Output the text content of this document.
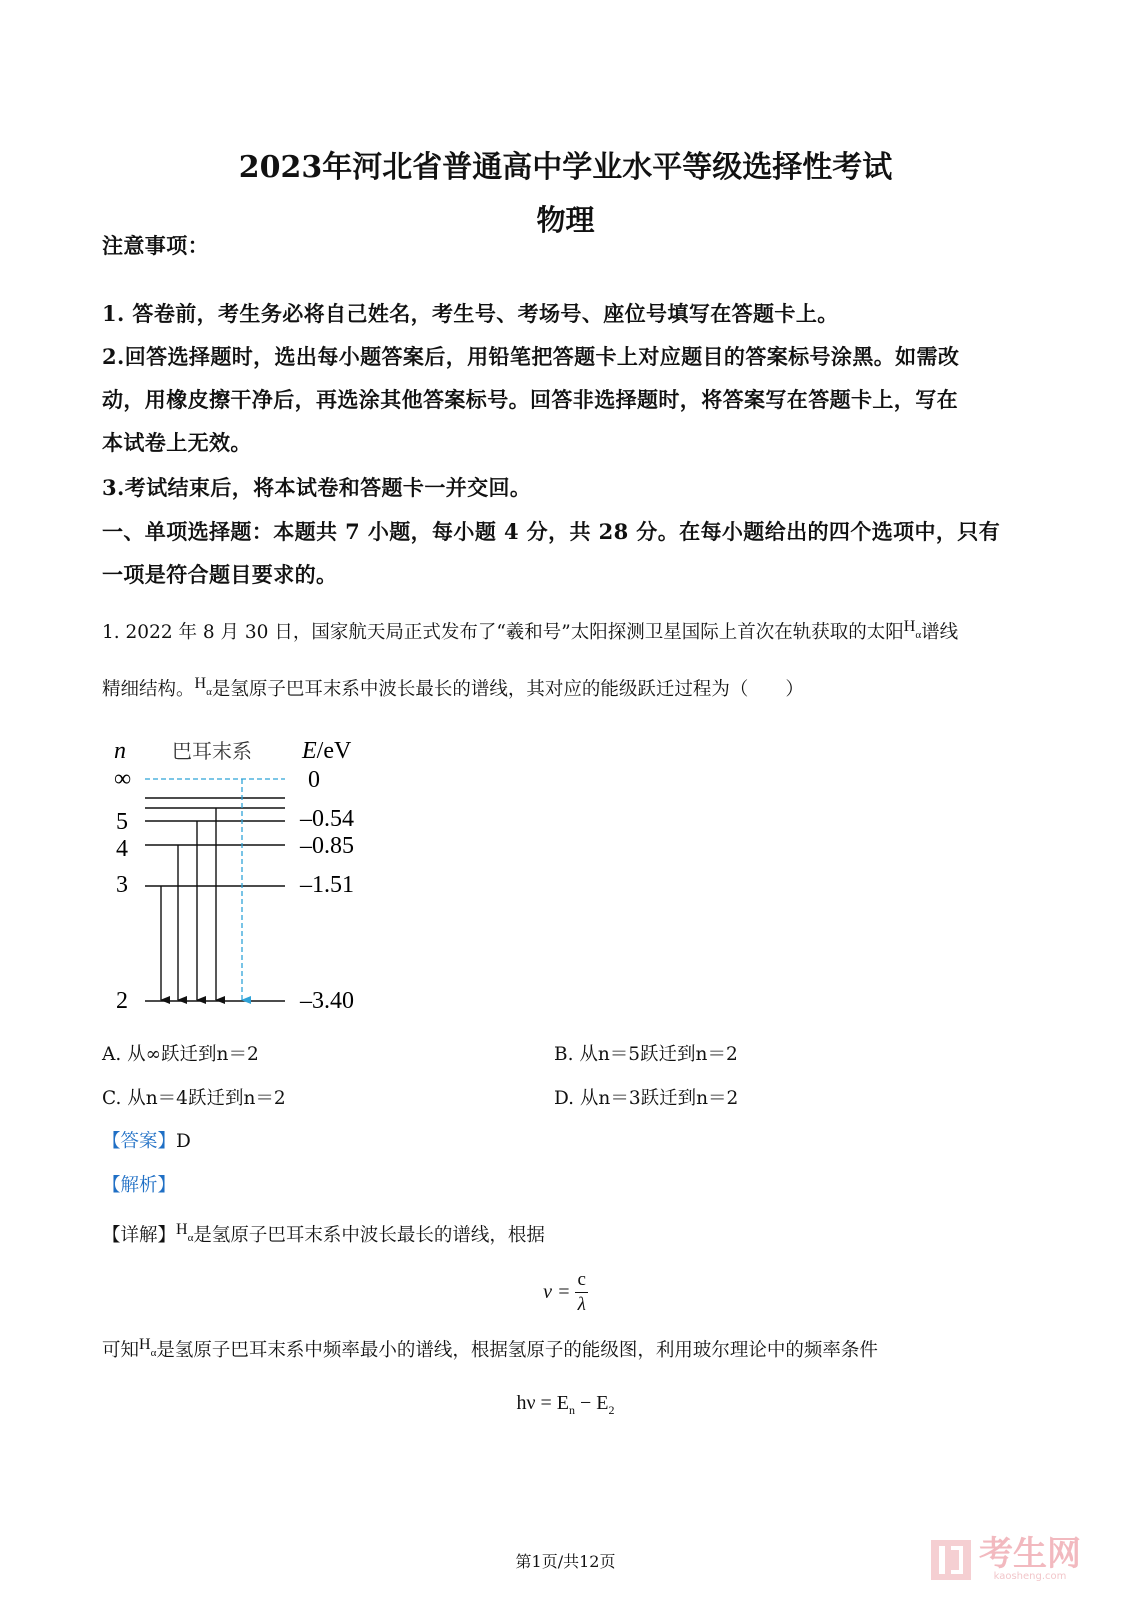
2023年河北省普通高中学业水平等级选择性考试
物理
注意事项：
1. 答卷前，考生务必将自己姓名，考生号、考场号、座位号填写在答题卡上。
2.回答选择题时，选出每小题答案后，用铅笔把答题卡上对应题目的答案标号涂黑。如需改
动，用橡皮擦干净后，再选涂其他答案标号。回答非选择题时，将答案写在答题卡上，写在
本试卷上无效。
3.考试结束后，将本试卷和答题卡一并交回。
一、单项选择题：本题共 7 小题，每小题 4 分，共 28 分。在每小题给出的四个选项中，只有
一项是符合题目要求的。
1. 2022 年 8 月 30 日，国家航天局正式发布了“羲和号”太阳探测卫星国际上首次在轨获取的太阳Hα谱线
精细结构。Hα是氢原子巴耳末系中波长最长的谱线，其对应的能级跃迁过程为（　　）
n 巴耳末系 E/eV
∞
5
4
3
2
0
–0.54
–0.85
–1.51
–3.40
A. 从∞跃迁到n＝2	B. 从n＝5跃迁到n＝2
C. 从n＝4跃迁到n＝2	D. 从n＝3跃迁到n＝2
【答案】D
【解析】
【详解】Hα是氢原子巴耳末系中波长最长的谱线，根据
$\nu = \frac{c}{\lambda}$
可知Hα是氢原子巴耳末系中频率最小的谱线，根据氢原子的能级图，利用玻尔理论中的频率条件
$h\nu = E_n - E_2$
第1页/共12页	考生网
kaosheng.com
